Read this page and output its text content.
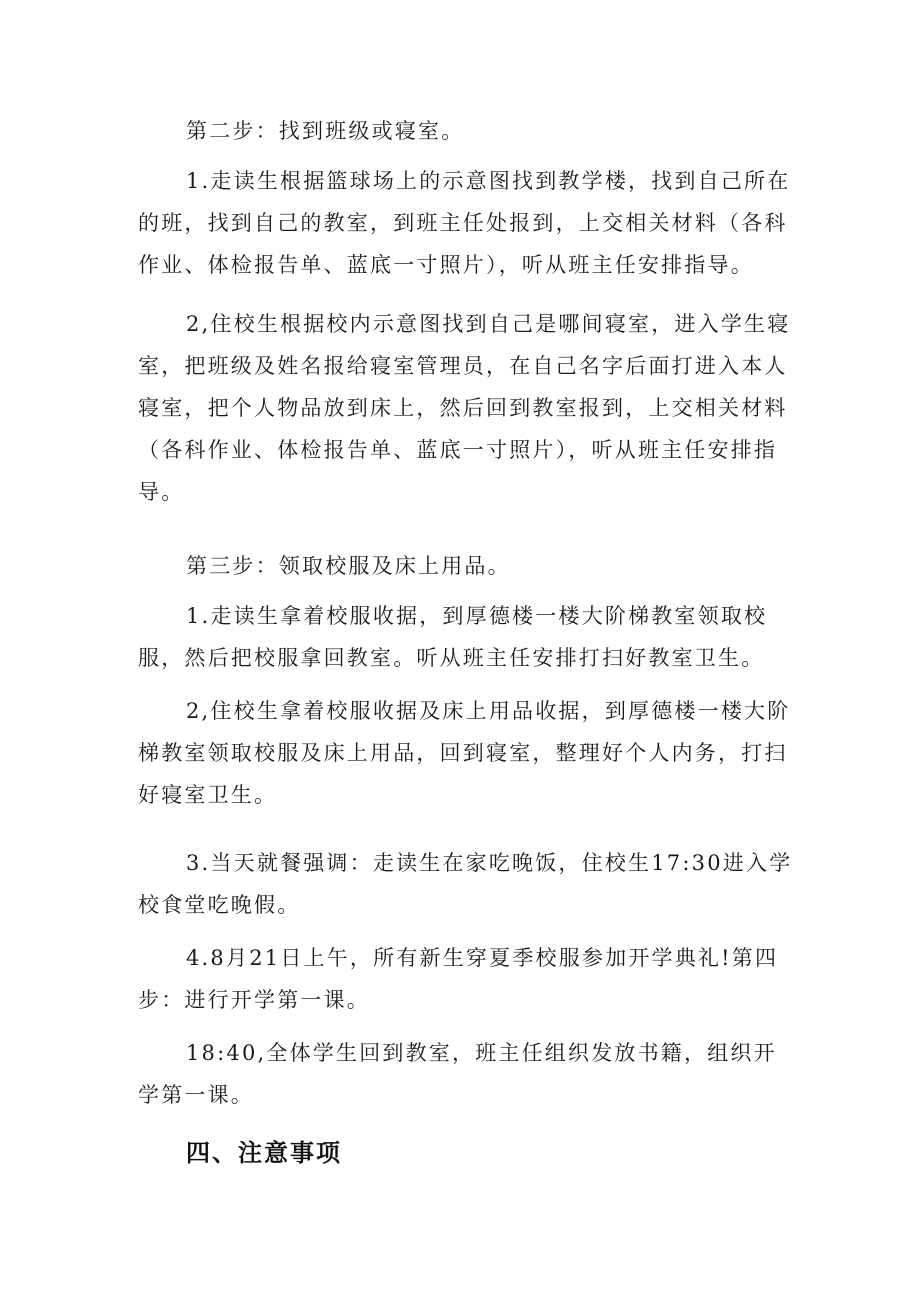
第二步：找到班级或寝室。

1.走读生根据篮球场上的示意图找到教学楼，找到自己所在的班，找到自己的教室，到班主任处报到，上交相关材料（各科作业、体检报告单、蓝底一寸照片），听从班主任安排指导。

2,住校生根据校内示意图找到自己是哪间寝室，进入学生寝室，把班级及姓名报给寝室管理员，在自己名字后面打进入本人寝室，把个人物品放到床上，然后回到教室报到，上交相关材料（各科作业、体检报告单、蓝底一寸照片），听从班主任安排指导。

第三步：领取校服及床上用品。

1.走读生拿着校服收据，到厚德楼一楼大阶梯教室领取校服，然后把校服拿回教室。听从班主任安排打扫好教室卫生。

2,住校生拿着校服收据及床上用品收据，到厚德楼一楼大阶梯教室领取校服及床上用品，回到寝室，整理好个人内务，打扫好寝室卫生。

3.当天就餐强调：走读生在家吃晚饭，住校生17:30进入学校食堂吃晚假。

4.8月21日上午，所有新生穿夏季校服参加开学典礼!第四步：进行开学第一课。

18:40,全体学生回到教室，班主任组织发放书籍，组织开学第一课。

四、注意事项
